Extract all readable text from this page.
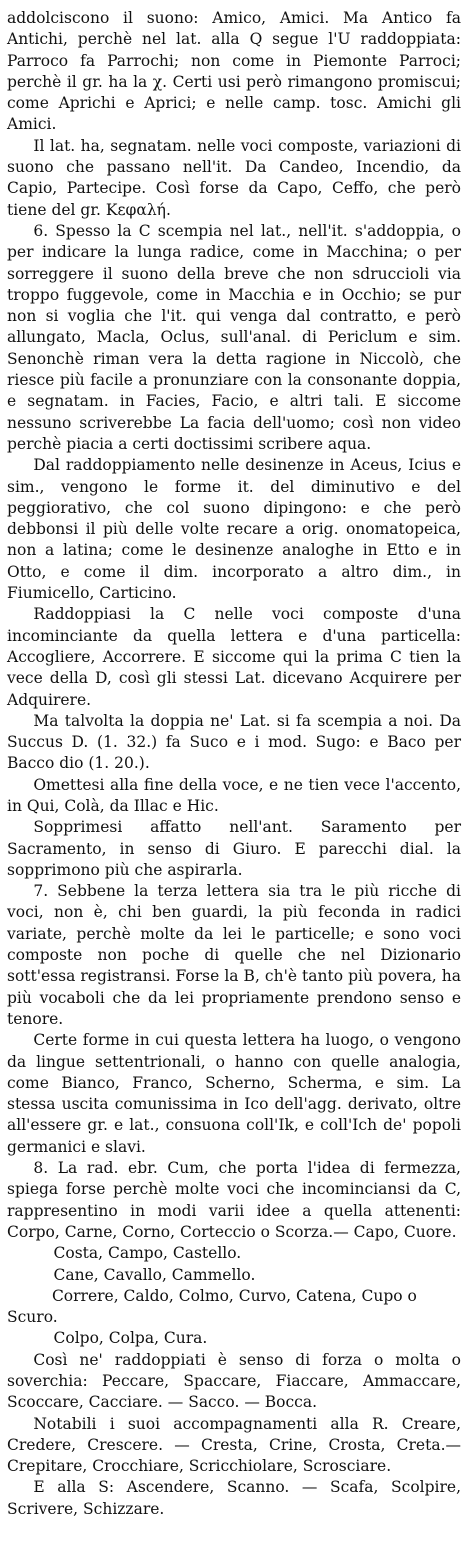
addolciscono il suono: Amico, Amici. Ma Antico fa Antichi, perchè nel lat. alla Q segue l'U raddoppiata: Parroco fa Parrochi; non come in Piemonte Parroci; perchè il gr. ha la χ. Certi usi però rimangono promiscui; come Aprichi e Aprici; e nelle camp. tosc. Amichi gli Amici.

Il lat. ha, segnatam. nelle voci composte, variazioni di suono che passano nell'it. Da Candeo, Incendio, da Capio, Partecipe. Così forse da Capo, Ceffo, che però tiene del gr. Κεφαλή.

6. Spesso la C scempia nel lat., nell'it. s'addoppia, o per indicare la lunga radice, come in Macchina; o per sorreggere il suono della breve che non sdruccioli via troppo fuggevole, come in Macchia e in Occhio; se pur non si voglia che l'it. qui venga dal contratto, e però allungato, Macla, Oclus, sull'anal. di Periclum e sim. Senonchè riman vera la detta ragione in Niccolò, che riesce più facile a pronunziare con la consonante doppia, e segnatam. in Facies, Facio, e altri tali. E siccome nessuno scriverebbe La facia dell'uomo; così non video perchè piacia a certi doctissimi scribere aqua.

Dal raddoppiamento nelle desinenze in Aceus, Icius e sim., vengono le forme it. del diminutivo e del peggiorativo, che col suono dipingono: e che però debbonsi il più delle volte recare a orig. onomatopeica, non a latina; come le desinenze analoghe in Etto e in Otto, e come il dim. incorporato a altro dim., in Fiumicello, Carticino.

Raddoppiasi la C nelle voci composte d'una incominciante da quella lettera e d'una particella: Accogliere, Accorrere. E siccome qui la prima C tien la vece della D, così gli stessi Lat. dicevano Acquirere per Adquirere.

Ma talvolta la doppia ne' Lat. si fa scempia a noi. Da Succus D. (1. 32.) fa Suco e i mod. Sugo: e Baco per Bacco dio (1. 20.).

Omettesi alla fine della voce, e ne tien vece l'accento, in Qui, Colà, da Illac e Hic.

Sopprimesi affatto nell'ant. Saramento per Sacramento, in senso di Giuro. E parecchi dial. la sopprimono più che aspirarla.

7. Sebbene la terza lettera sia tra le più ricche di voci, non è, chi ben guardi, la più feconda in radici variate, perchè molte da lei le particelle; e sono voci composte non poche di quelle che nel Dizionario sott'essa registransi. Forse la B, ch'è tanto più povera, ha più vocaboli che da lei propriamente prendono senso e tenore.

Certe forme in cui questa lettera ha luogo, o vengono da lingue settentrionali, o hanno con quelle analogia, come Bianco, Franco, Scherno, Scherma, e sim. La stessa uscita comunissima in Ico dell'agg. derivato, oltre all'essere gr. e lat., consuona coll'Ik, e coll'Ich de' popoli germanici e slavi.

8. La rad. ebr. Cum, che porta l'idea di fermezza, spiega forse perchè molte voci che incominciansi da C, rappresentino in modi varii idee a quella attenenti: Corpo, Carne, Corno, Corteccio o Scorza.— Capo, Cuore.

Costa, Campo, Castello.

Cane, Cavallo, Cammello.

Correre, Caldo, Colmo, Curvo, Catena, Cupo o
Scuro.

Colpo, Colpa, Cura.

Così ne' raddoppiati è senso di forza o molta o soverchia: Peccare, Spaccare, Fiaccare, Ammaccare, Scoccare, Cacciare. — Sacco. — Bocca.

Notabili i suoi accompagnamenti alla R. Creare, Credere, Crescere. — Cresta, Crine, Crosta, Creta.— Crepitare, Crocchiare, Scricchiolare, Scrosciare.

E alla S: Ascendere, Scanno. — Scafa, Scolpire, Scrivere, Schizzare.
